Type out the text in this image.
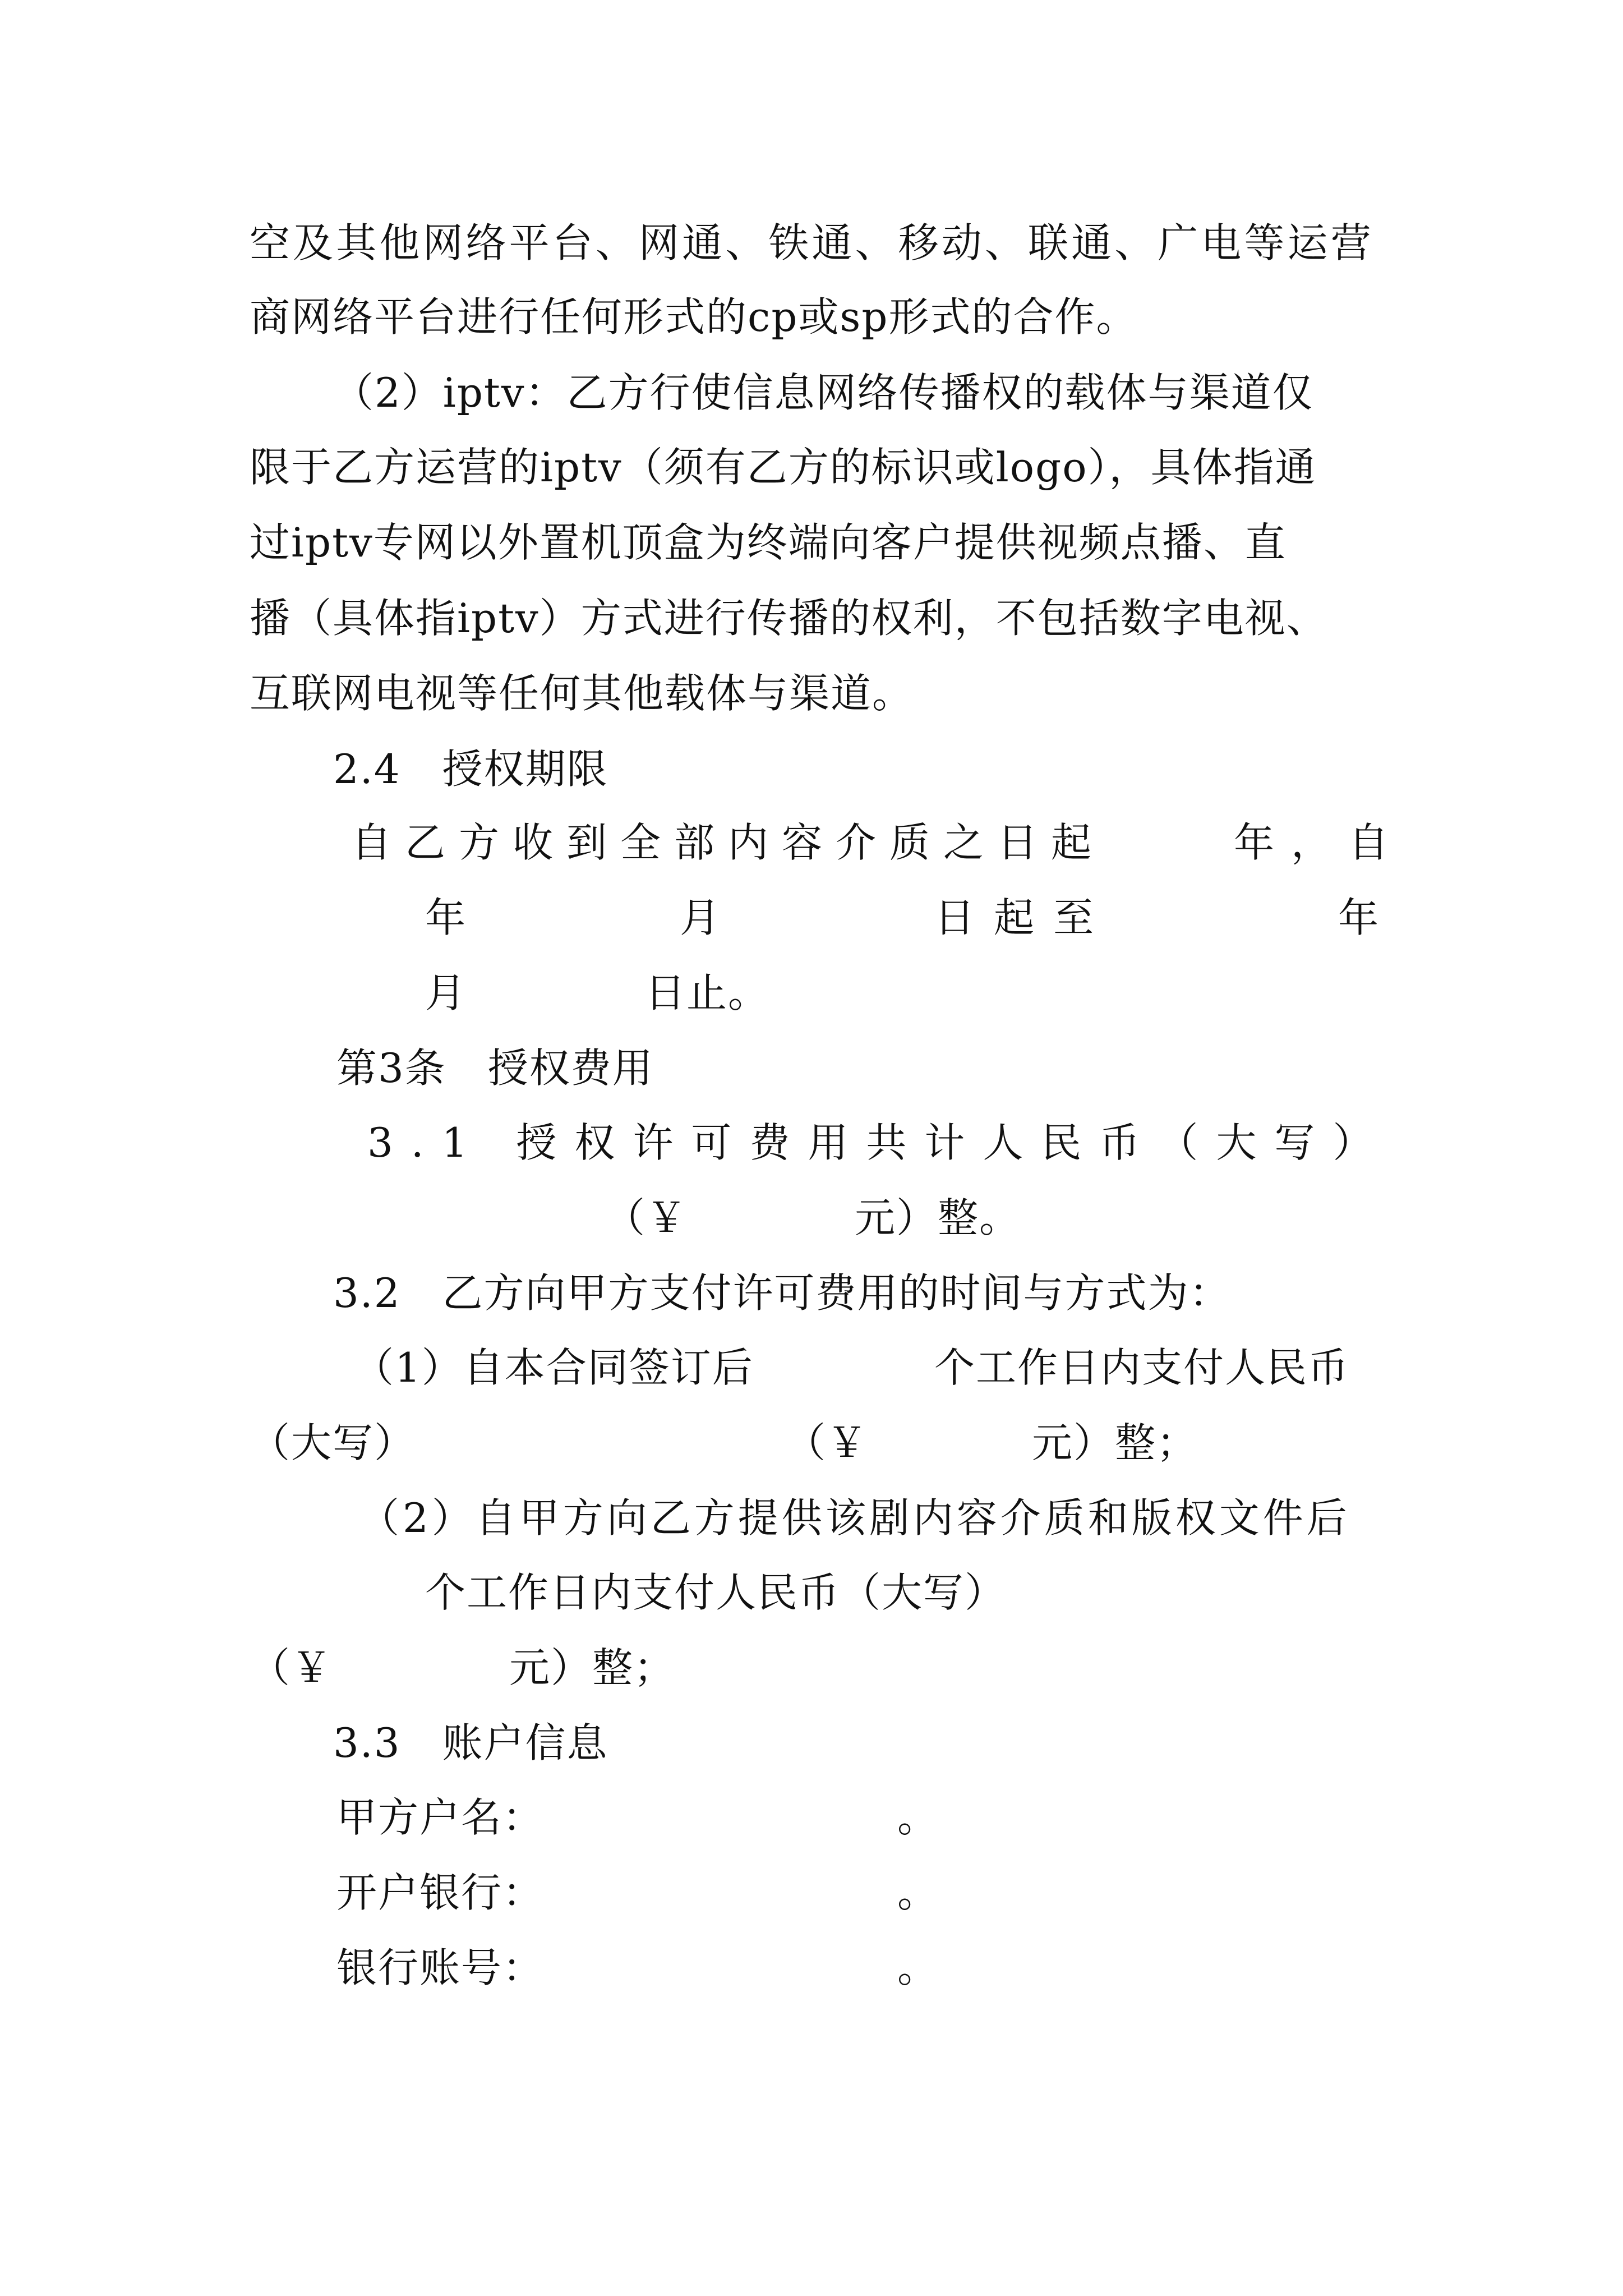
空 及 其 他 网 络 平 台 、 网 通 、 铁 通 、 移 动 、 联 通 、 广 电 等 运 营
商网络平台进行任何形式的cp或sp形式的合作。
（2）iptv：乙方行使信息网络传播权的载体与渠道仅
限于乙方运营的iptv（须有乙方的标识或logo），具体指通
过iptv专网以外置机顶盒为终端向客户提供视频点播、直
播（具体指iptv）方式进行传播的权利，不包括数字电视、
互联网电视等任何其他载体与渠道。
2.4　授权期限
自乙方收到全部内容介质之日起	年，自
年	月	日起至	年
月	日止。
第3条　授权费用
3.1 授权许可费用共计人民币（大写）
（￥	元）整。
3.2　乙方向甲方支付许可费用的时间与方式为：
（1）自本合同签订后	个工作日内支付人民币
（大写）	（￥	元）整；
（2）自甲方向乙方提供该剧内容介质和版权文件后
个工作日内支付人民币（大写）
（￥	元）整；
3.3　账户信息
甲方户名：	。
开户银行：	。
银行账号：	。
